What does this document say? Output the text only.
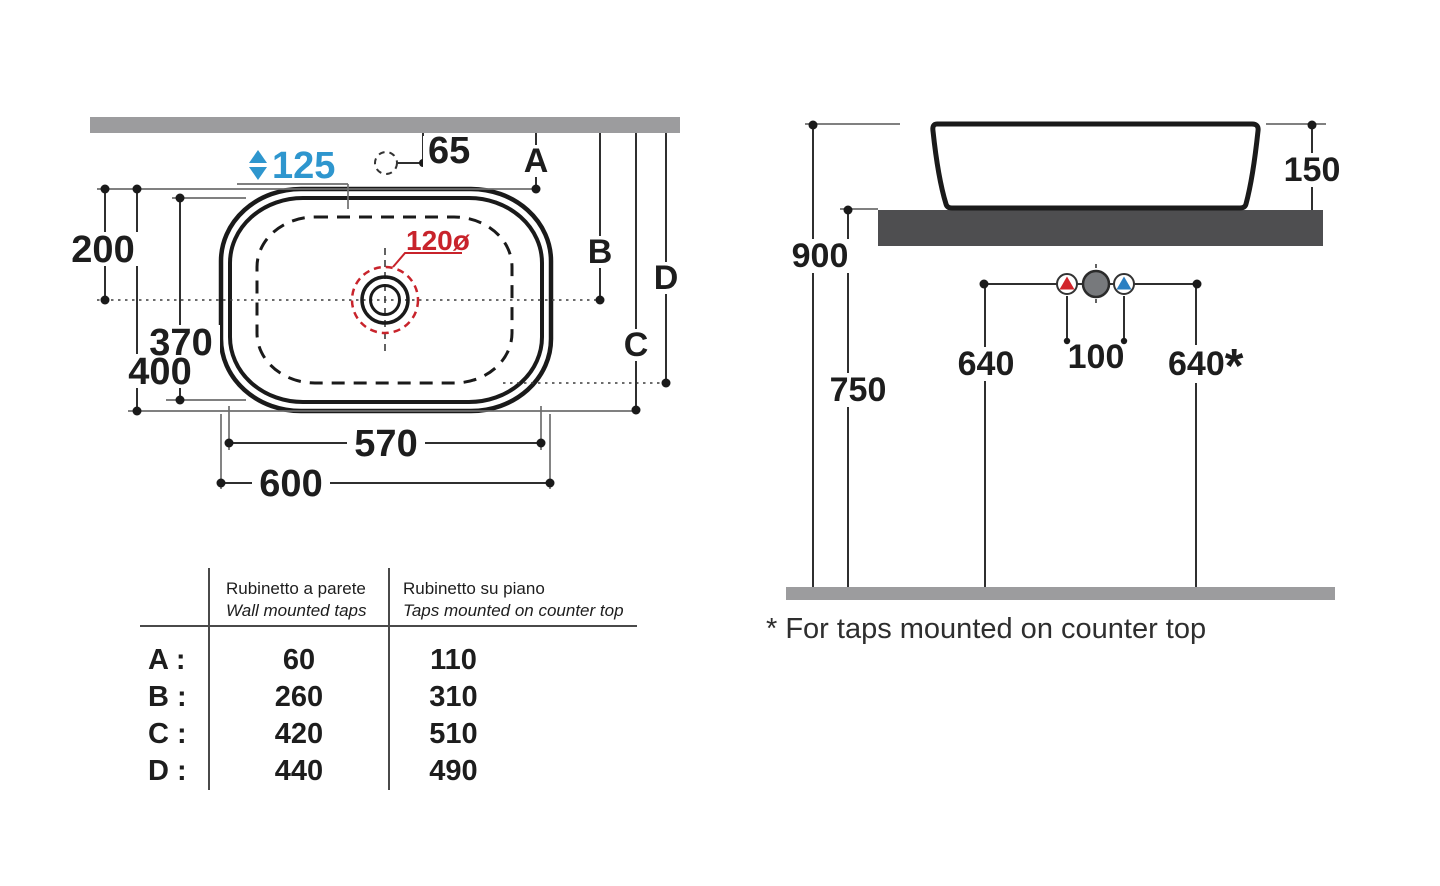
125 65
200
370
400
570
600
120ø
A
B
C
D
900
750
150
640 100 640*
Rubinetto a parete
Wall mounted taps
Rubinetto su piano
Taps mounted on counter top
A :	60	110
B :	260	310
C :	420	510
D :	440	490
* For taps mounted on counter top
